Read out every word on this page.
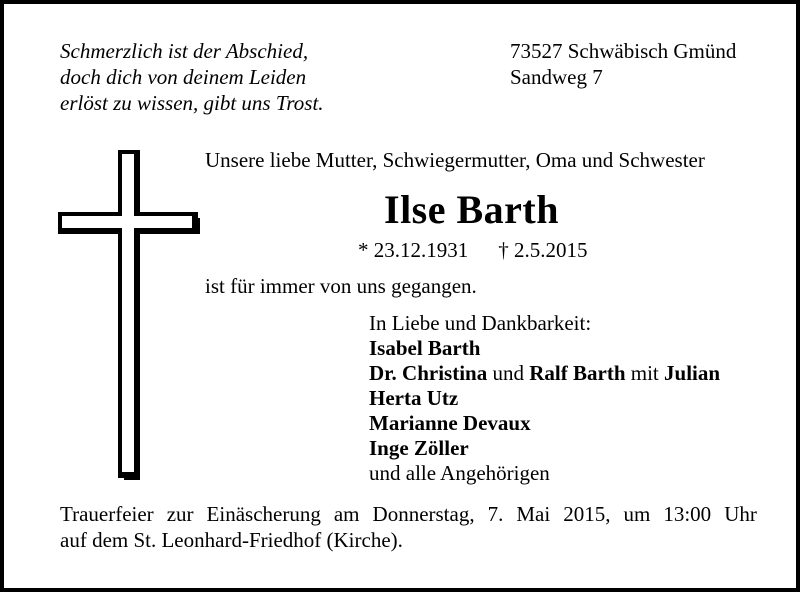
Schmerzlich ist der Abschied,
doch dich von deinem Leiden
erlöst zu wissen, gibt uns Trost.
73527 Schwäbisch Gmünd
Sandweg 7
Unsere liebe Mutter, Schwiegermutter, Oma und Schwester
Ilse Barth
* 23.12.1931 † 2.5.2015
ist für immer von uns gegangen.
In Liebe und Dankbarkeit:
Isabel Barth
Dr. Christina und Ralf Barth mit Julian
Herta Utz
Marianne Devaux
Inge Zöller
und alle Angehörigen
Trauerfeier zur Einäscherung am Donnerstag, 7. Mai 2015, um 13:00 Uhr
auf dem St. Leonhard-Friedhof (Kirche).
